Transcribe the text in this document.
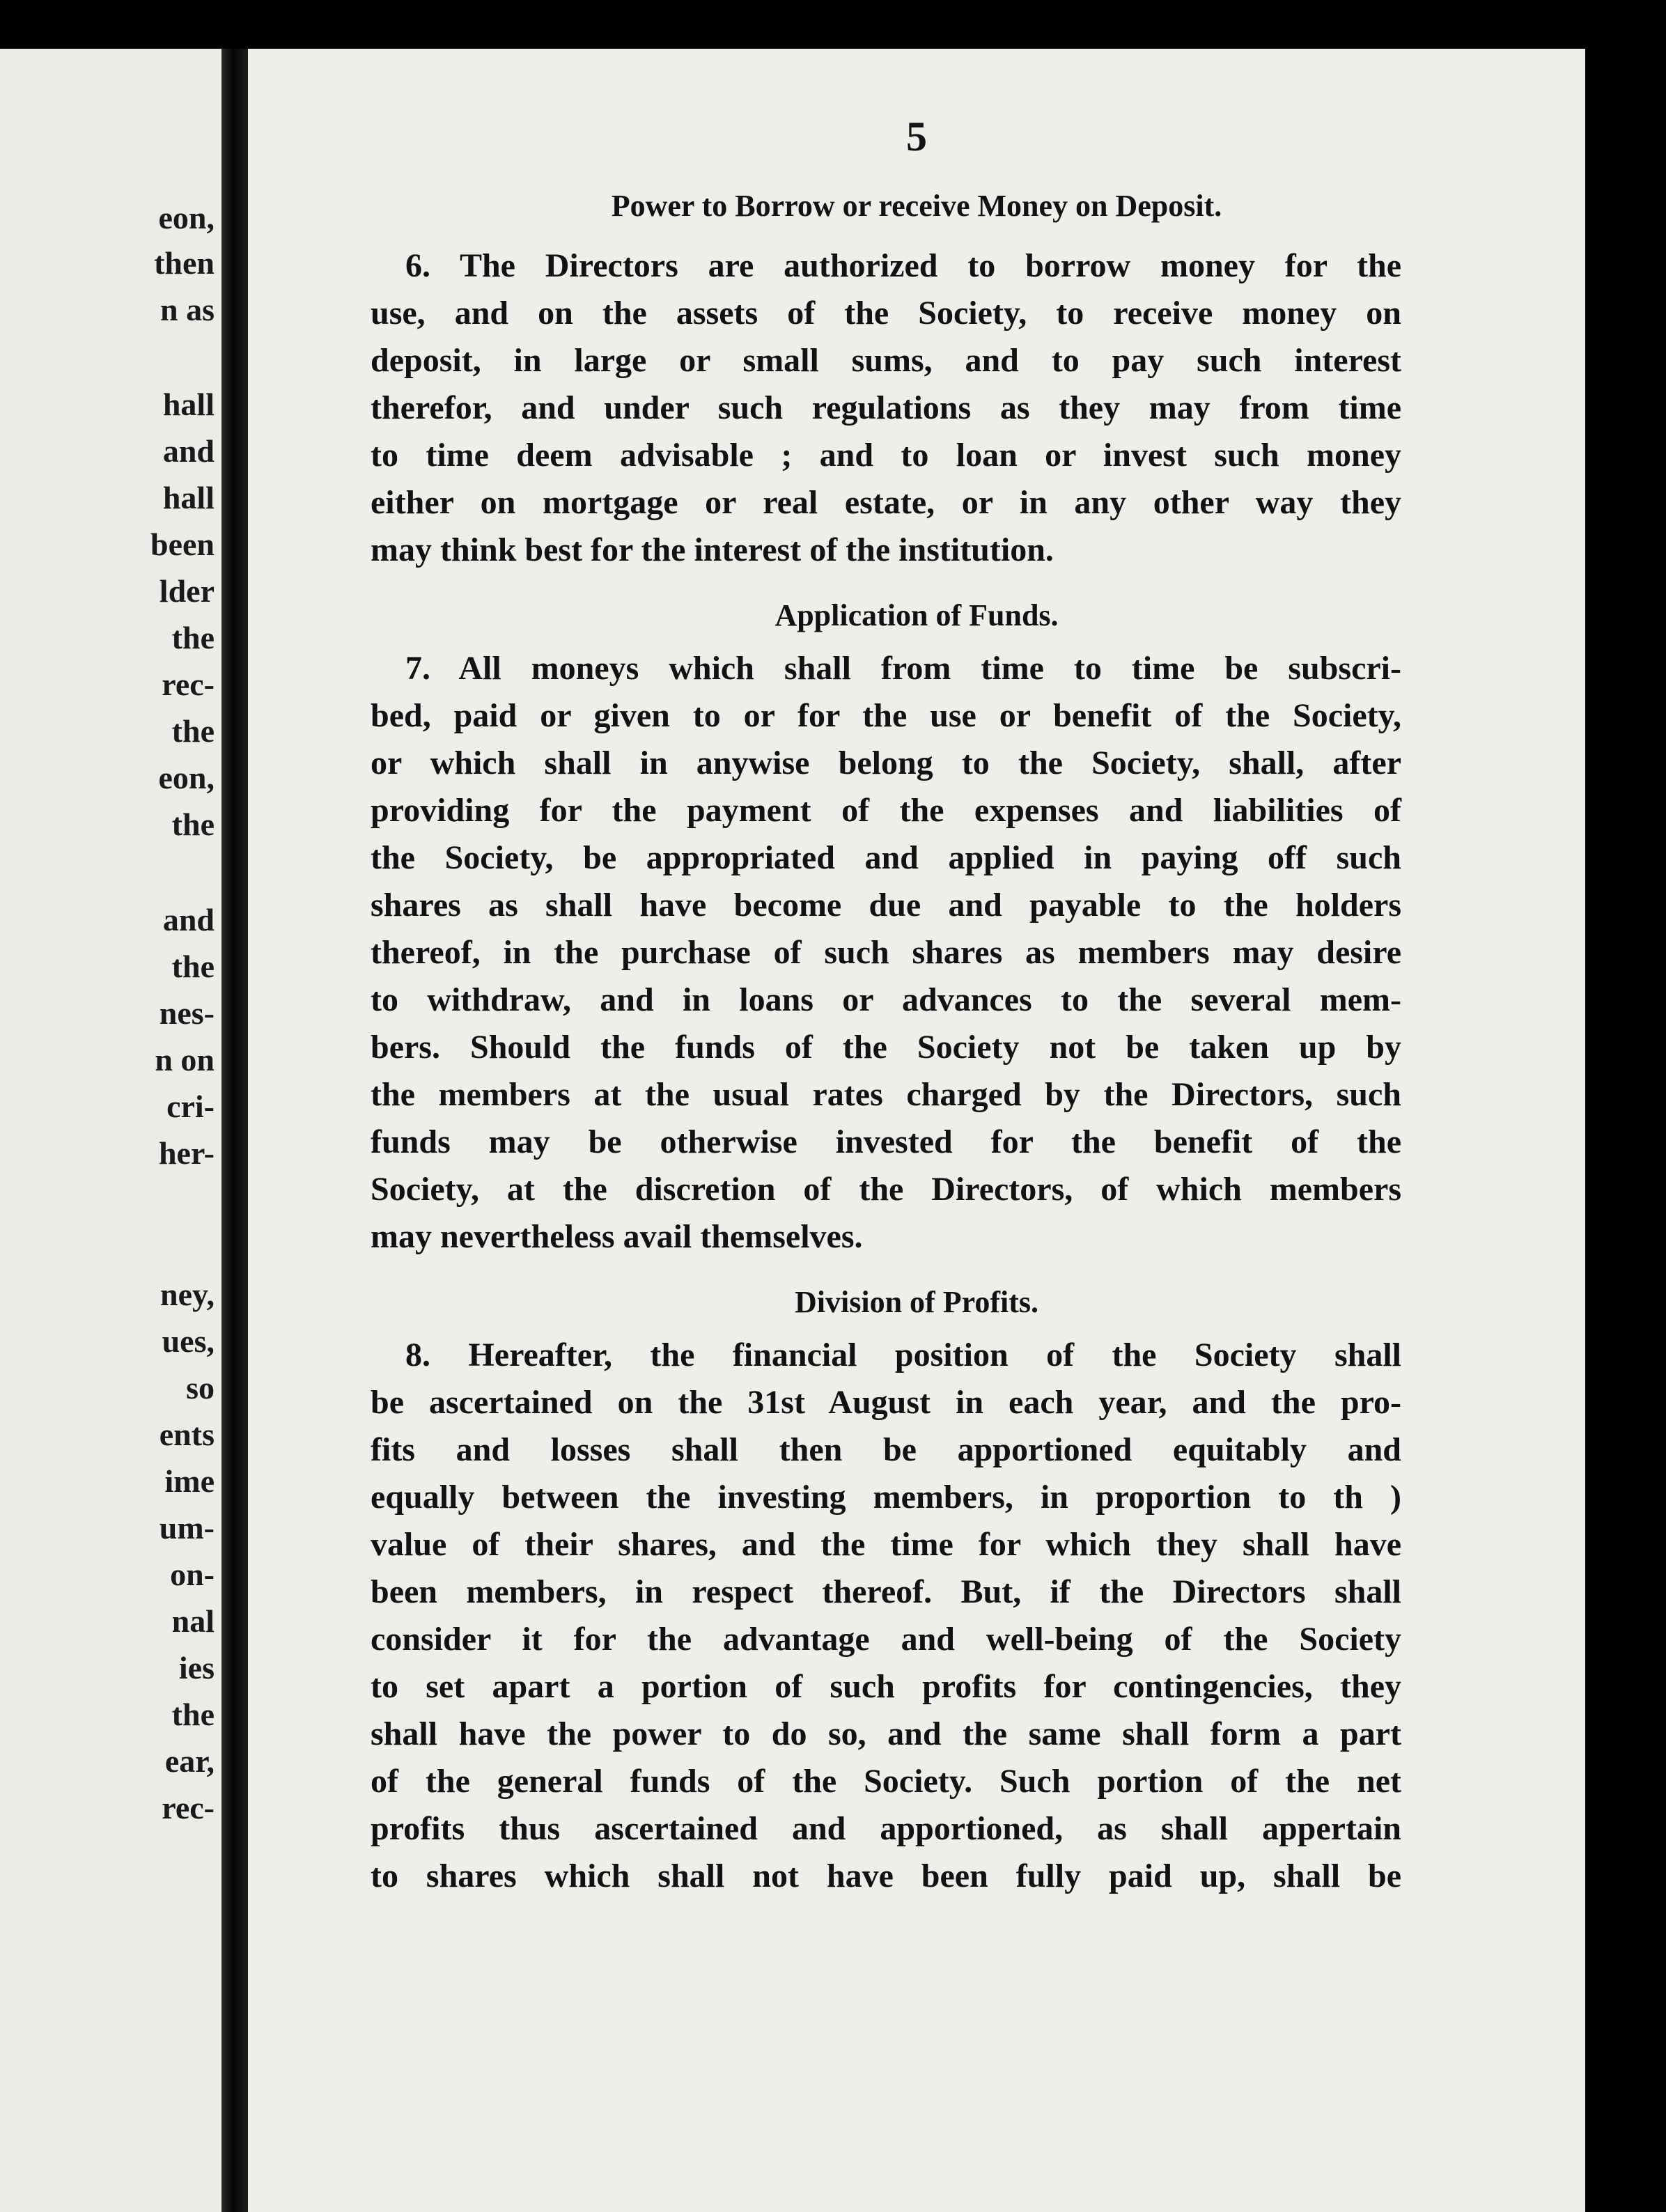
eon,
then
n as
hall
and
hall
been
lder
the
rec-
the
eon,
the
and
the
nes-
n on
cri-
her-
ney,
ues,
so
ents
ime
um-
on-
nal
ies
the
ear,
rec-
5
Power to Borrow or receive Money on Deposit.
6. The Directors are authorized to borrow money for the
use, and on the assets of the Society, to receive money on
deposit, in large or small sums, and to pay such interest
therefor, and under such regulations as they may from time
to time deem advisable ; and to loan or invest such money
either on mortgage or real estate, or in any other way they
may think best for the interest of the institution.
Application of Funds.
7. All moneys which shall from time to time be subscri-
bed, paid or given to or for the use or benefit of the Society,
or which shall in anywise belong to the Society, shall, after
providing for the payment of the expenses and liabilities of
the Society, be appropriated and applied in paying off such
shares as shall have become due and payable to the holders
thereof, in the purchase of such shares as members may desire
to withdraw, and in loans or advances to the several mem-
bers. Should the funds of the Society not be taken up by
the members at the usual rates charged by the Directors, such
funds may be otherwise invested for the benefit of the
Society, at the discretion of the Directors, of which members
may nevertheless avail themselves.
Division of Profits.
8. Hereafter, the financial position of the Society shall
be ascertained on the 31st August in each year, and the pro-
fits and losses shall then be apportioned equitably and
equally between the investing members, in proportion to th )
value of their shares, and the time for which they shall have
been members, in respect thereof. But, if the Directors shall
consider it for the advantage and well-being of the Society
to set apart a portion of such profits for contingencies, they
shall have the power to do so, and the same shall form a part
of the general funds of the Society. Such portion of the net
profits thus ascertained and apportioned, as shall appertain
to shares which shall not have been fully paid up, shall be
